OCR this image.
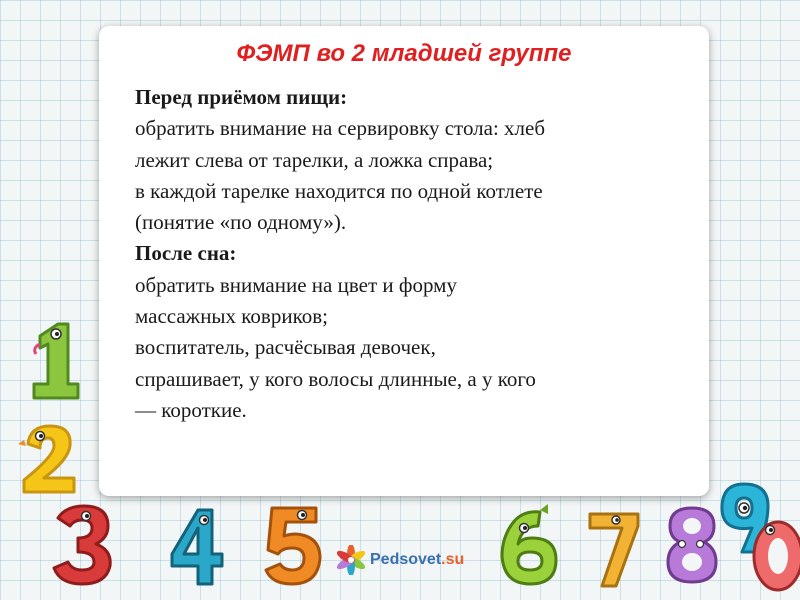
ФЭМП во 2 младшей группе
Перед приёмом пищи:
обратить внимание на сервировку стола: хлеб
лежит слева от тарелки, а ложка справа;
в каждой тарелке находится по одной котлете
(понятие «по одному»).
После сна:
обратить внимание на цвет и форму
массажных ковриков;
воспитатель, расчёсывая девочек,
спрашивает, у кого волосы длинные, а у кого
— короткие.
Pedsovet.su
